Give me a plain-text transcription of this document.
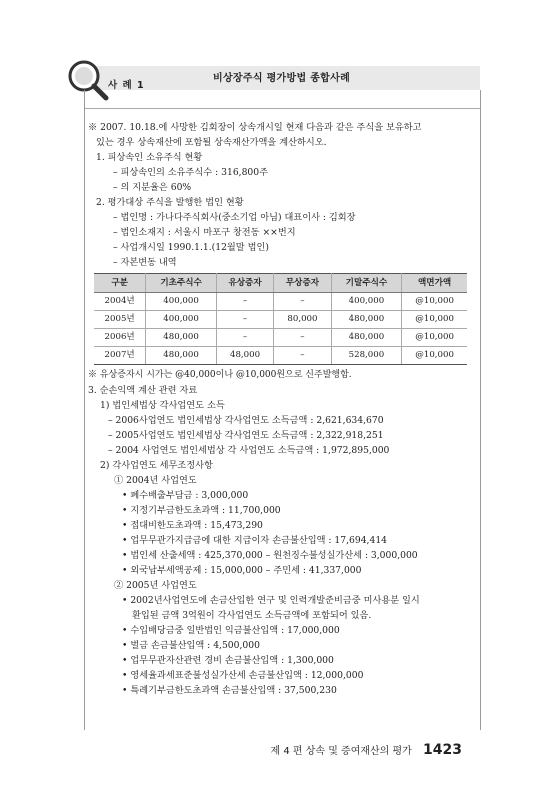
사 례 1
비상장주식 평가방법 종합사례

※ 2007. 10.18.에 사망한 김회장이 상속개시일 현재 다음과 같은 주식을 보유하고

있는 경우 상속재산에 포함될 상속재산가액을 계산하시오.

1. 피상속인 소유주식 현황

– 피상속인의 소유주식수 : 316,800주

– 의 지분율은 60%

2. 평가대상 주식을 발행한 법인 현황

– 법인명 : 가나다주식회사(중소기업 아님) 대표이사 : 김회장

– 법인소재지 : 서울시 마포구 창전동 ××번지

– 사업개시일 1990.1.1.(12월말 법인)

– 자본변동 내역

구분	기초주식수	유상증자	무상증자	기말주식수	액면가액
2004년	400,000	–	–	400,000	@10,000
2005년	400,000	–	80,000	480,000	@10,000
2006년	480,000	–	–	480,000	@10,000
2007년	480,000	48,000	–	528,000	@10,000

※ 유상증자시 시가는 @40,000이나 @10,000원으로 신주발행함.

3. 순손익액 계산 관련 자료

1) 법인세법상 각사업연도 소득

– 2006사업연도 법인세법상 각사업연도 소득금액 : 2,621,634,670

– 2005사업연도 법인세법상 각사업연도 소득금액 : 2,322,918,251

– 2004 사업연도 법인세법상 각 사업연도 소득금액 : 1,972,895,000

2) 각사업연도 세무조정사항

① 2004년 사업연도

• 폐수배출부담금 : 3,000,000

• 지정기부금한도초과액 : 11,700,000

• 접대비한도초과액 : 15,473,290

• 업무무관가지급금에 대한 지급이자 손금불산입액 : 17,694,414

• 법인세 산출세액 : 425,370,000 – 원천징수불성실가산세 : 3,000,000

• 외국납부세액공제 : 15,000,000 – 주민세 : 41,337,000

② 2005년 사업연도

• 2002년사업연도에 손금산입한 연구 및 인력개발준비금중 미사용분 일시

환입된 금액 3억원이 각사업연도 소득금액에 포함되어 있음.

• 수입배당금중 일반법인 익금불산입액 : 17,000,000

• 벌금 손금불산입액 : 4,500,000

• 업무무관자산관련 경비 손금불산입액 : 1,300,000

• 영세율과세표준불성실가산세 손금불산입액 : 12,000,000

• 특례기부금한도초과액 손금불산입액 : 37,500,230

제 4 편 상속 및 증여재산의 평가 1423
